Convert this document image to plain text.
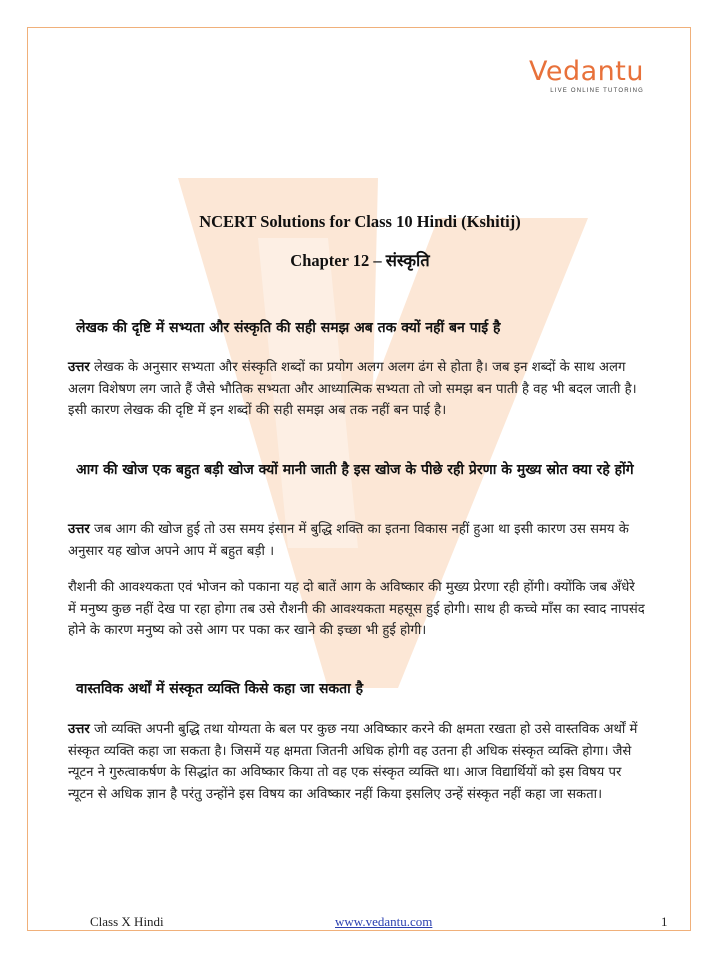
Vedantu
LIVE ONLINE TUTORING
NCERT Solutions for Class 10 Hindi (Kshitij)
Chapter 12 – संस्कृति
लेखक की दृष्टि में सभ्यता और संस्कृति की सही समझ अब तक क्यों नहीं बन पाई है
उत्तर लेखक के अनुसार सभ्यता और संस्कृति शब्दों का प्रयोग अलग अलग ढंग से होता है। जब इन शब्दों के साथ अलग अलग विशेषण लग जाते हैं जैसे भौतिक सभ्यता और आध्यात्मिक सभ्यता तो जो समझ बन पाती है वह भी बदल जाती है। इसी कारण लेखक की दृष्टि में इन शब्दों की सही समझ अब तक नहीं बन पाई है।
आग की खोज एक बहुत बड़ी खोज क्यों मानी जाती है इस खोज के पीछे रही प्रेरणा के मुख्य स्रोत क्या रहे होंगे
उत्तर जब आग की खोज हुई तो उस समय इंसान में बुद्धि शक्ति का इतना विकास नहीं हुआ था इसी कारण उस समय के अनुसार यह खोज अपने आप में बहुत बड़ी ।
रौशनी की आवश्यकता एवं भोजन को पकाना यह दो बातें आग के अविष्कार की मुख्य प्रेरणा रही होंगी। क्योंकि जब अँधेरे में मनुष्य कुछ नहीं देख पा रहा होगा तब उसे रौशनी की आवश्यकता महसूस हुई होगी। साथ ही कच्चे माँस का स्वाद नापसंद होने के कारण मनुष्य को उसे आग पर पका कर खाने की इच्छा भी हुई होगी।
वास्तविक अर्थों में संस्कृत व्यक्ति किसे कहा जा सकता है
उत्तर जो व्यक्ति अपनी बुद्धि तथा योग्यता के बल पर कुछ नया अविष्कार करने की क्षमता रखता हो उसे वास्तविक अर्थों में संस्कृत व्यक्ति कहा जा सकता है। जिसमें यह क्षमता जितनी अधिक होगी वह उतना ही अधिक संस्कृत व्यक्ति होगा। जैसे न्यूटन ने गुरुत्वाकर्षण के सिद्धांत का अविष्कार किया तो वह एक संस्कृत व्यक्ति था। आज विद्यार्थियों को इस विषय पर न्यूटन से अधिक ज्ञान है परंतु उन्होंने इस विषय का अविष्कार नहीं किया इसलिए उन्हें संस्कृत नहीं कहा जा सकता।
Class X Hindi	www.vedantu.com	1
